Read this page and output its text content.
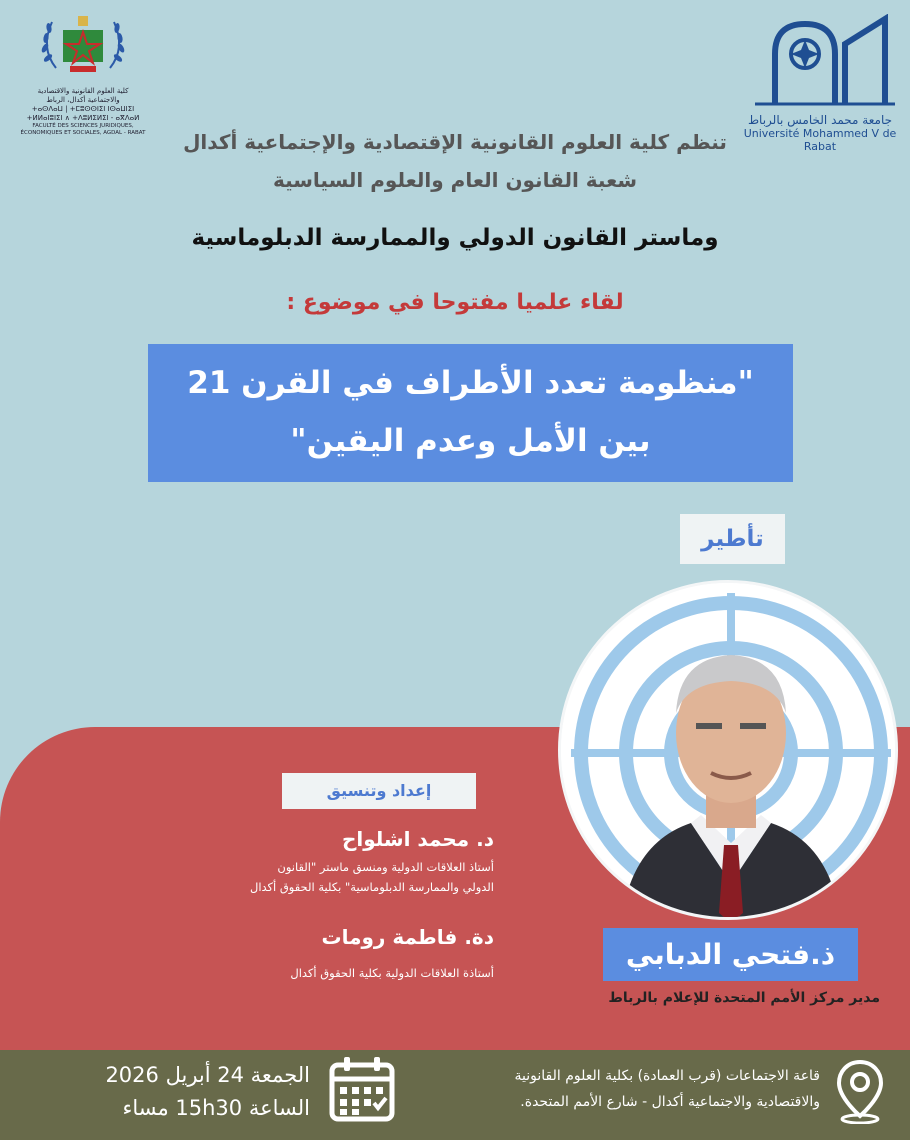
كلية العلوم القانونية والاقتصادية
والاجتماعية أكدال، الرباط
+ⴰⵙⴷⴰⵡ | +ⵎⵓⵙⵙⵏⵉⵏ ⵏⵙⴰⵡⵏⵉⵏ
+ⵍⵍⴰⵏⵓⵏⵉⵏ ∧ +ⴷⵓⵍⵉⵍⵉⵏ - ⴰⴳⴷⴰⵍ
FACULTÉ DES SCIENCES JURIDIQUES, ÉCONOMIQUES ET SOCIALES, AGDAL - RABAT
جامعة محمد الخامس بالرباط
Université Mohammed V de Rabat
تنظم كلية العلوم القانونية الإقتصادية والإجتماعية أكدال
شعبة القانون العام والعلوم السياسية
وماستر القانون الدولي والممارسة الدبلوماسية
لقاء علميا مفتوحا في موضوع :
"منظومة تعدد الأطراف في القرن 21
بين الأمل وعدم اليقين"
تأطير
إعداد وتنسيق
د. محمد اشلواح
أستاذ العلاقات الدولية ومنسق ماستر "القانون
الدولي والممارسة الدبلوماسية" بكلية الحقوق أكدال
دة. فاطمة رومات
أستاذة العلاقات الدولية بكلية الحقوق أكدال
ذ.فتحي الدبابي
مدير مركز الأمم المتحدة للإعلام بالرباط
الجمعة 24 أبريل 2026
الساعة 15h30 مساء
قاعة الاجتماعات (قرب العمادة) بكلية العلوم القانونية
والاقتصادية والاجتماعية أكدال - شارع الأمم المتحدة.
